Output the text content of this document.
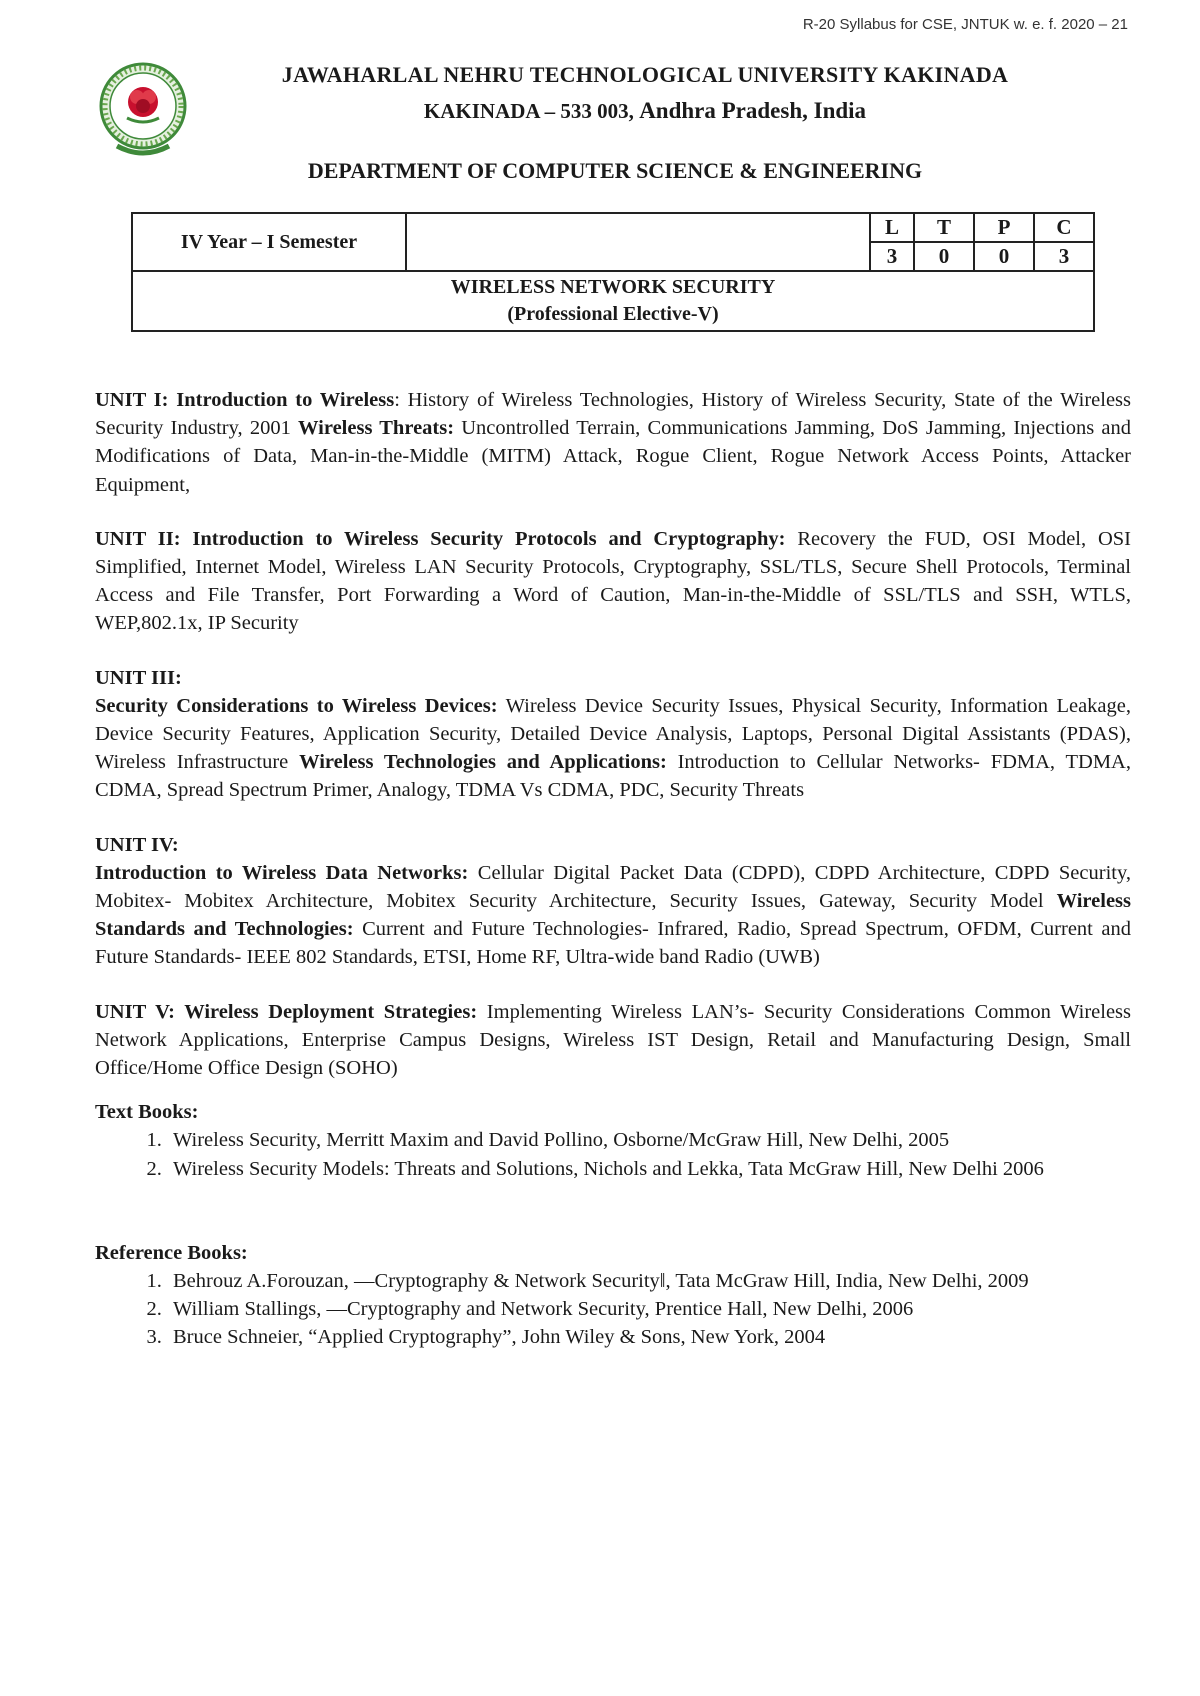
R-20 Syllabus for CSE, JNTUK w. e. f. 2020 – 21
JAWAHARLAL NEHRU TECHNOLOGICAL UNIVERSITY KAKINADA
KAKINADA – 533 003, Andhra Pradesh, India
DEPARTMENT OF COMPUTER SCIENCE & ENGINEERING
IV Year – I Semester		L	T	P	C
		3	0	0	3

WIRELESS NETWORK SECURITY
(Professional Elective-V)					

UNIT I: Introduction to Wireless: History of Wireless Technologies, History of Wireless Security, State of the Wireless Security Industry, 2001 Wireless Threats: Uncontrolled Terrain, Communications Jamming, DoS Jamming, Injections and Modifications of Data, Man-in-the-Middle (MITM) Attack, Rogue Client, Rogue Network Access Points, Attacker Equipment,

UNIT II: Introduction to Wireless Security Protocols and Cryptography: Recovery the FUD, OSI Model, OSI Simplified, Internet Model, Wireless LAN Security Protocols, Cryptography, SSL/TLS, Secure Shell Protocols, Terminal Access and File Transfer, Port Forwarding a Word of Caution, Man-in-the-Middle of SSL/TLS and SSH, WTLS, WEP,802.1x, IP Security

UNIT III:
Security Considerations to Wireless Devices: Wireless Device Security Issues, Physical Security, Information Leakage, Device Security Features, Application Security, Detailed Device Analysis, Laptops, Personal Digital Assistants (PDAS), Wireless Infrastructure Wireless Technologies and Applications: Introduction to Cellular Networks- FDMA, TDMA, CDMA, Spread Spectrum Primer, Analogy, TDMA Vs CDMA, PDC, Security Threats

UNIT IV:
Introduction to Wireless Data Networks: Cellular Digital Packet Data (CDPD), CDPD Architecture, CDPD Security, Mobitex- Mobitex Architecture, Mobitex Security Architecture, Security Issues, Gateway, Security Model Wireless Standards and Technologies: Current and Future Technologies- Infrared, Radio, Spread Spectrum, OFDM, Current and Future Standards- IEEE 802 Standards, ETSI, Home RF, Ultra-wide band Radio (UWB)

UNIT V: Wireless Deployment Strategies: Implementing Wireless LAN’s- Security Considerations Common Wireless Network Applications, Enterprise Campus Designs, Wireless IST Design, Retail and Manufacturing Design, Small Office/Home Office Design (SOHO)

Text Books:
1. Wireless Security, Merritt Maxim and David Pollino, Osborne/McGraw Hill, New Delhi, 2005
2. Wireless Security Models: Threats and Solutions, Nichols and Lekka, Tata McGraw Hill, New Delhi 2006
Reference Books:
1. Behrouz A.Forouzan, ―Cryptography & Network Security‖, Tata McGraw Hill, India, New Delhi, 2009
2. William Stallings, ―Cryptography and Network Security, Prentice Hall, New Delhi, 2006
3. Bruce Schneier, “Applied Cryptography”, John Wiley & Sons, New York, 2004
